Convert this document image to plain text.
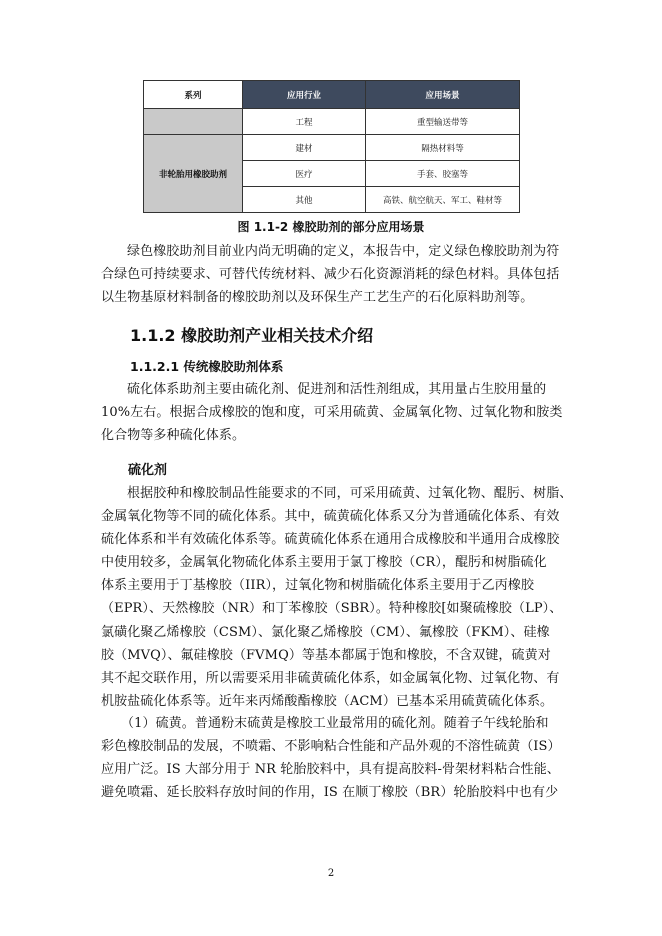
系列	应用行业	应用场景
	工程	重型输送带等
非轮胎用橡胶助剂	建材	隔热材料等
	医疗	手套、胶塞等
	其他	高铁、航空航天、军工、鞋材等
图 1.1-2 橡胶助剂的部分应用场景

绿色橡胶助剂目前业内尚无明确的定义，本报告中，定义绿色橡胶助剂为符
合绿色可持续要求、可替代传统材料、减少石化资源消耗的绿色材料。具体包括
以生物基原材料制备的橡胶助剂以及环保生产工艺生产的石化原料助剂等。

1.1.2 橡胶助剂产业相关技术介绍
1.1.2.1 传统橡胶助剂体系

硫化体系助剂主要由硫化剂、促进剂和活性剂组成，其用量占生胶用量的
10%左右。根据合成橡胶的饱和度，可采用硫黄、金属氧化物、过氧化物和胺类
化合物等多种硫化体系。

硫化剂

根据胶种和橡胶制品性能要求的不同，可采用硫黄、过氧化物、醌肟、树脂、
金属氧化物等不同的硫化体系。其中，硫黄硫化体系又分为普通硫化体系、有效
硫化体系和半有效硫化体系等。硫黄硫化体系在通用合成橡胶和半通用合成橡胶
中使用较多，金属氧化物硫化体系主要用于氯丁橡胶（CR），醌肟和树脂硫化
体系主要用于丁基橡胶（IIR），过氧化物和树脂硫化体系主要用于乙丙橡胶
（EPR）、天然橡胶（NR）和丁苯橡胶（SBR）。特种橡胶[如聚硫橡胶（LP）、
氯磺化聚乙烯橡胶（CSM）、氯化聚乙烯橡胶（CM）、氟橡胶（FKM）、硅橡
胶（MVQ）、氟硅橡胶（FVMQ）等基本都属于饱和橡胶，不含双键，硫黄对
其不起交联作用，所以需要采用非硫黄硫化体系，如金属氧化物、过氧化物、有
机胺盐硫化体系等。近年来丙烯酸酯橡胶（ACM）已基本采用硫黄硫化体系。

（1）硫黄。普通粉末硫黄是橡胶工业最常用的硫化剂。随着子午线轮胎和
彩色橡胶制品的发展，不喷霜、不影响粘合性能和产品外观的不溶性硫黄（IS）
应用广泛。IS 大部分用于 NR 轮胎胶料中，具有提高胶料-骨架材料粘合性能、
避免喷霜、延长胶料存放时间的作用，IS 在顺丁橡胶（BR）轮胎胶料中也有少

2
